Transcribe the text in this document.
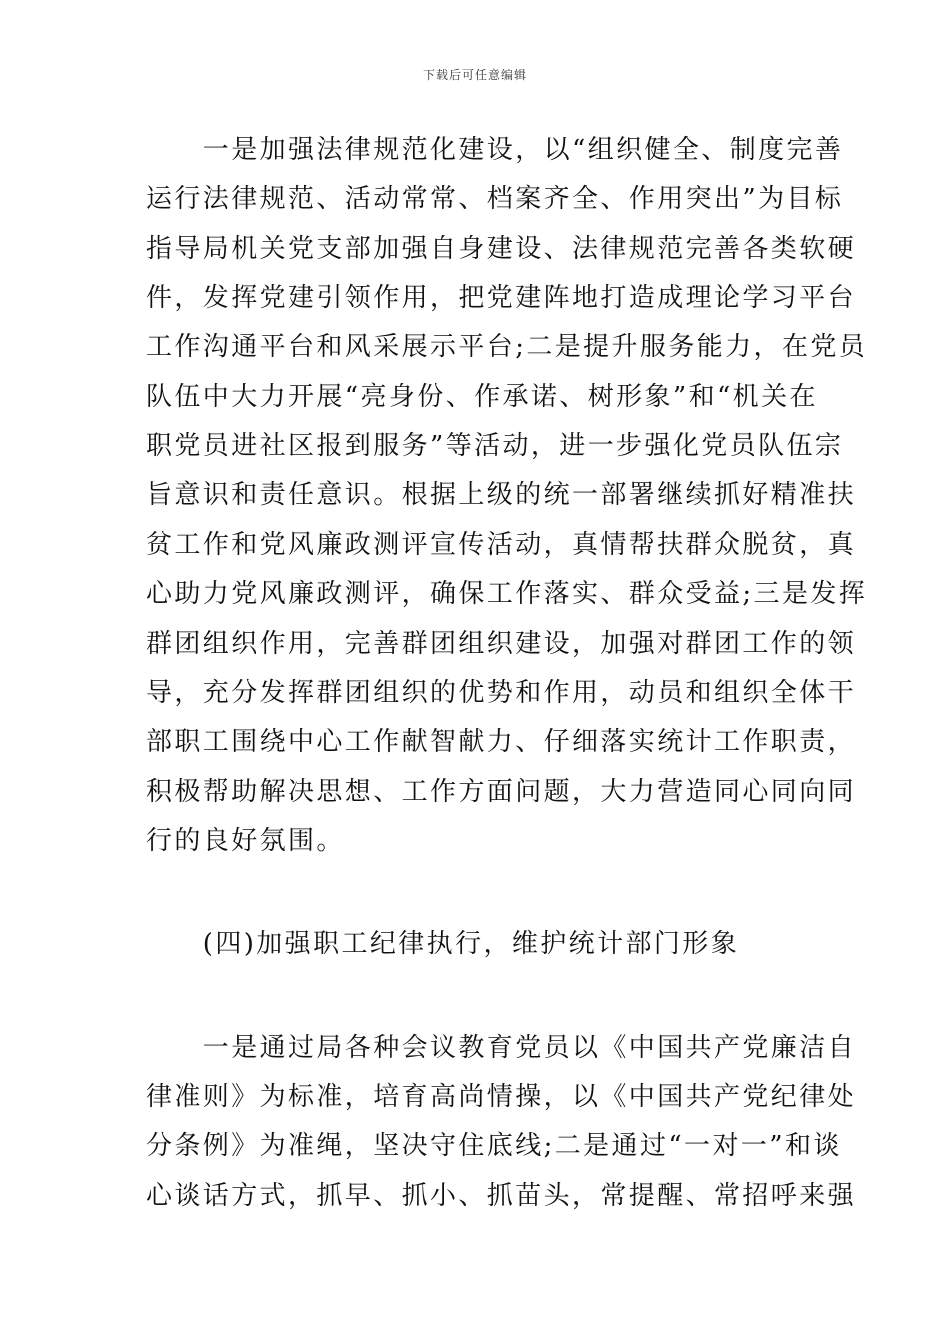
下载后可任意编辑
　　一是加强法律规范化建设，以“组织健全、制度完善
运行法律规范、活动常常、档案齐全、作用突出”为目标
指导局机关党支部加强自身建设、法律规范完善各类软硬
件，发挥党建引领作用，把党建阵地打造成理论学习平台
工作沟通平台和风采展示平台;二是提升服务能力，在党员
队伍中大力开展“亮身份、作承诺、树形象”和“机关在
职党员进社区报到服务”等活动，进一步强化党员队伍宗
旨意识和责任意识。根据上级的统一部署继续抓好精准扶
贫工作和党风廉政测评宣传活动，真情帮扶群众脱贫，真
心助力党风廉政测评，确保工作落实、群众受益;三是发挥
群团组织作用，完善群团组织建设，加强对群团工作的领
导，充分发挥群团组织的优势和作用，动员和组织全体干
部职工围绕中心工作献智献力、仔细落实统计工作职责，
积极帮助解决思想、工作方面问题，大力营造同心同向同
行的良好氛围。
　　(四)加强职工纪律执行，维护统计部门形象
　　一是通过局各种会议教育党员以《中国共产党廉洁自
律准则》为标准，培育高尚情操，以《中国共产党纪律处
分条例》为准绳，坚决守住底线;二是通过“一对一”和谈
心谈话方式，抓早、抓小、抓苗头，常提醒、常招呼来强
